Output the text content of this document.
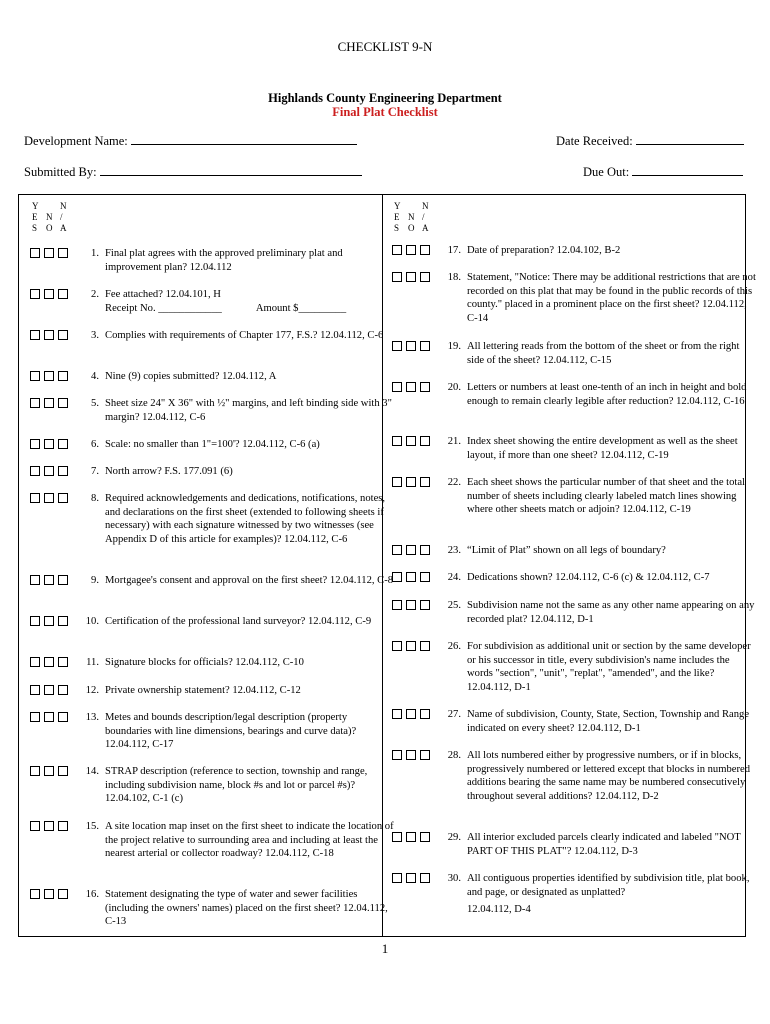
CHECKLIST 9-N
Highlands County Engineering Department
Final Plat Checklist
Development Name:	Date Received:
Submitted By:	Due Out:
Y N
E N /
S O A
Y N
E N /
S O A
1. Final plat agrees with the approved preliminary plat and improvement plan? 12.04.112
2. Fee attached? 12.04.101, H
Receipt No. ____________	Amount $_________
3. Complies with requirements of Chapter 177, F.S.? 12.04.112, C-6
4. Nine (9) copies submitted? 12.04.112, A
5. Sheet size 24" X 36" with ½" margins, and left binding side with 3" margin? 12.04.112, C-6
6. Scale: no smaller than 1"=100'? 12.04.112, C-6 (a)
7. North arrow? F.S. 177.091 (6)
8. Required acknowledgements and dedications, notifications, notes, and declarations on the first sheet (extended to following sheets if necessary) with each signature witnessed by two witnesses (see Appendix D of this article for examples)? 12.04.112, C-6
9. Mortgagee's consent and approval on the first sheet? 12.04.112, C-8
10. Certification of the professional land surveyor? 12.04.112, C-9
11. Signature blocks for officials? 12.04.112, C-10
12. Private ownership statement? 12.04.112, C-12
13. Metes and bounds description/legal description (property boundaries with line dimensions, bearings and curve data)? 12.04.112, C-17
14. STRAP description (reference to section, township and range, including subdivision name, block #s and lot or parcel #s)? 12.04.102, C-1 (c)
15. A site location map inset on the first sheet to indicate the location of the project relative to surrounding area and including at least the nearest arterial or collector roadway? 12.04.112, C-18
16. Statement designating the type of water and sewer facilities (including the owners' names) placed on the first sheet? 12.04.112, C-13
17. Date of preparation? 12.04.102, B-2
18. Statement, "Notice: There may be additional restrictions that are not recorded on this plat that may be found in the public records of this county." placed in a prominent place on the first sheet? 12.04.112, C-14
19. All lettering reads from the bottom of the sheet or from the right side of the sheet? 12.04.112, C-15
20. Letters or numbers at least one-tenth of an inch in height and bold enough to remain clearly legible after reduction? 12.04.112, C-16
21. Index sheet showing the entire development as well as the sheet layout, if more than one sheet? 12.04.112, C-19
22. Each sheet shows the particular number of that sheet and the total number of sheets including clearly labeled match lines showing where other sheets match or adjoin? 12.04.112, C-19
23. “Limit of Plat” shown on all legs of boundary?
24. Dedications shown? 12.04.112, C-6 (c) & 12.04.112, C-7
25. Subdivision name not the same as any other name appearing on any recorded plat? 12.04.112, D-1
26. For subdivision as additional unit or section by the same developer or his successor in title, every subdivision's name includes the words "section", "unit", "replat", "amended", and the like? 12.04.112, D-1
27. Name of subdivision, County, State, Section, Township and Range indicated on every sheet? 12.04.112, D-1
28. All lots numbered either by progressive numbers, or if in blocks, progressively numbered or lettered except that blocks in numbered additions bearing the same name may be numbered consecutively throughout several additions? 12.04.112, D-2
29. All interior excluded parcels clearly indicated and labeled "NOT PART OF THIS PLAT"? 12.04.112, D-3
30. All contiguous properties identified by subdivision title, plat book, and page, or designated as unplatted?
12.04.112, D-4
1
